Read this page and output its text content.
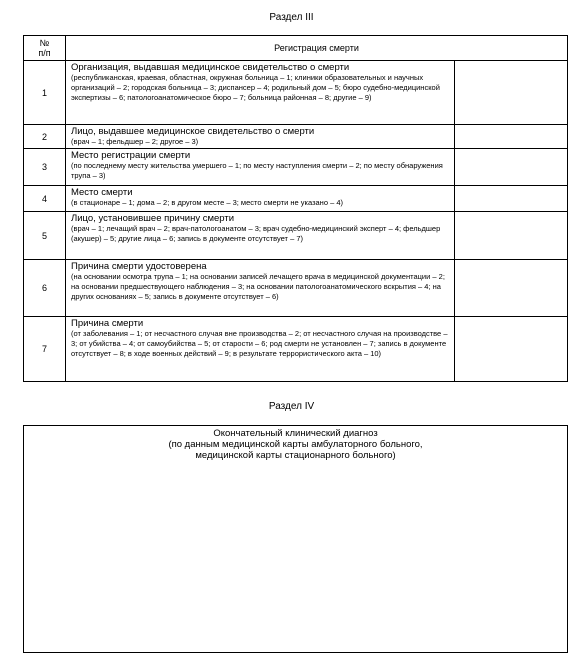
Раздел III
№
п/п	Регистрация смерти	
1	Организация, выдавшая медицинское свидетельство о смерти
(республиканская, краевая, областная, окружная больница – 1; клиники образовательных и научных организаций – 2; городская больница – 3; диспансер – 4; родильный дом – 5; бюро судебно-медицинской экспертизы – 6; патологоанатомическое бюро – 7; больница районная – 8; другие – 9)	

2	Лицо, выдавшее медицинское свидетельство о смерти
(врач – 1; фельдшер – 2; другое – 3)	

3	Место регистрации смерти
(по последнему месту жительства умершего – 1; по месту наступления смерти – 2; по месту обнаружения трупа – 3)	

4	Место смерти
(в стационаре – 1; дома – 2; в другом месте – 3; место смерти не указано – 4)	

5	Лицо, установившее причину смерти
(врач – 1; лечащий врач – 2; врач-патологоанатом – 3; врач судебно-медицинский эксперт – 4; фельдшер (акушер) – 5; другие лица – 6; запись в документе отсутствует – 7)	

6	Причина смерти удостоверена
(на основании осмотра трупа – 1; на основании записей лечащего врача в медицинской документации – 2; на основании предшествующего наблюдения – 3; на основании патологоанатомического вскрытия – 4; на других основаниях – 5; запись в документе отсутствует – 6)	

7	Причина смерти
(от заболевания – 1; от несчастного случая вне производства – 2; от несчастного случая на производстве – 3; от убийства – 4; от самоубийства – 5; от старости – 6; род смерти не установлен – 7; запись в документе отсутствует – 8; в ходе военных действий – 9; в результате террористического акта – 10)	

Раздел IV
Окончательный клинический диагноз
(по данным медицинской карты амбулаторного больного,
медицинской карты стационарного больного)
